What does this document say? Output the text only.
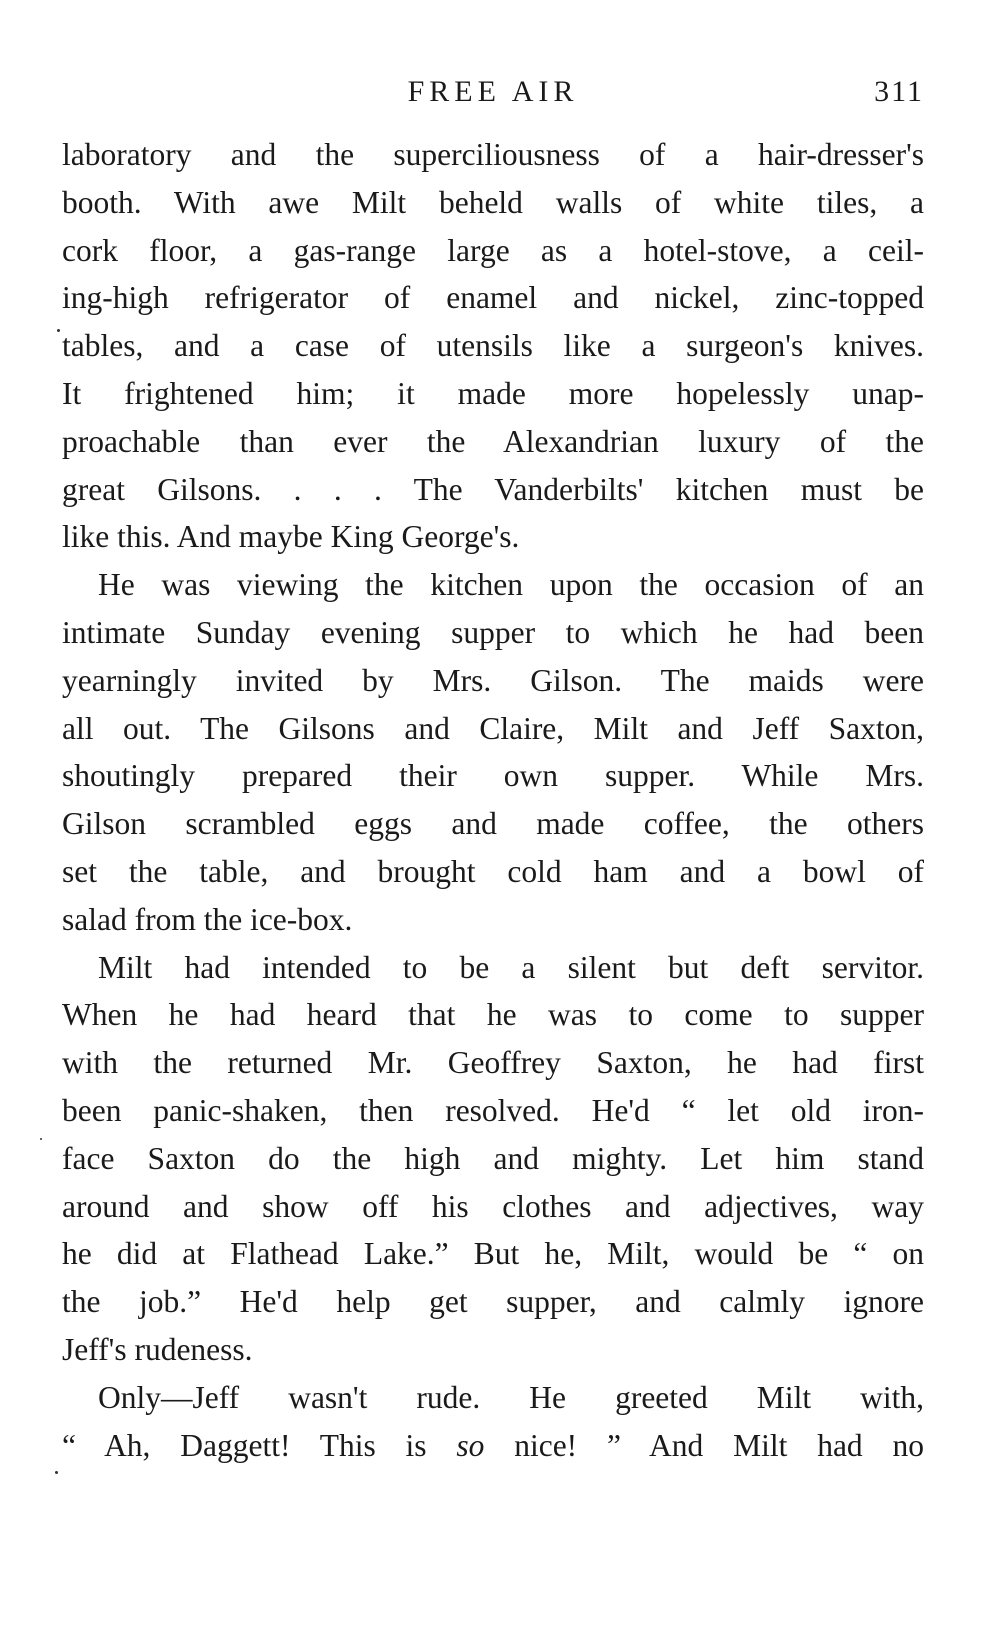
FREE AIR	311
laboratory and the superciliousness of a hair-dresser's
booth. With awe Milt beheld walls of white tiles, a
cork floor, a gas-range large as a hotel-stove, a ceil-
ing-high refrigerator of enamel and nickel, zinc-topped
tables, and a case of utensils like a surgeon's knives.
It frightened him; it made more hopelessly unap-
proachable than ever the Alexandrian luxury of the
great Gilsons. . . . The Vanderbilts' kitchen must be
like this. And maybe King George's.
He was viewing the kitchen upon the occasion of an
intimate Sunday evening supper to which he had been
yearningly invited by Mrs. Gilson. The maids were
all out. The Gilsons and Claire, Milt and Jeff Saxton,
shoutingly prepared their own supper. While Mrs.
Gilson scrambled eggs and made coffee, the others
set the table, and brought cold ham and a bowl of
salad from the ice-box.
Milt had intended to be a silent but deft servitor.
When he had heard that he was to come to supper
with the returned Mr. Geoffrey Saxton, he had first
been panic-shaken, then resolved. He'd “ let old iron-
face Saxton do the high and mighty. Let him stand
around and show off his clothes and adjectives, way
he did at Flathead Lake.” But he, Milt, would be “ on
the job.” He'd help get supper, and calmly ignore
Jeff's rudeness.
Only—Jeff wasn't rude. He greeted Milt with,
“ Ah, Daggett! This is so nice! ” And Milt had no
